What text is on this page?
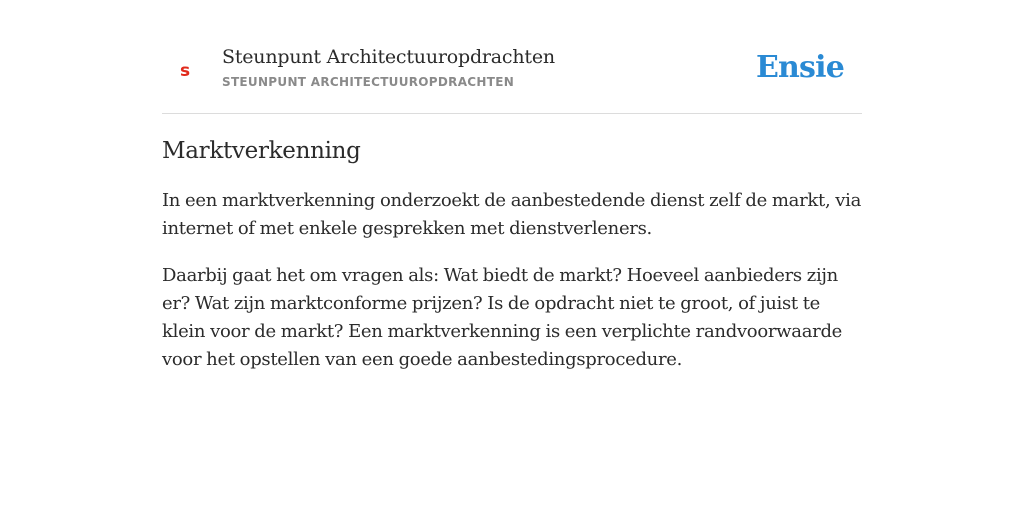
s
Steunpunt Architectuuropdrachten
STEUNPUNT ARCHITECTUUROPDRACHTEN	Ensie
Marktverkenning

In een marktverkenning onderzoekt de aanbestedende dienst zelf de markt, via internet of met enkele gesprekken met dienstverleners.

Daarbij gaat het om vragen als: Wat biedt de markt? Hoeveel aanbieders zijn er? Wat zijn marktconforme prijzen? Is de opdracht niet te groot, of juist te klein voor de markt? Een marktverkenning is een verplichte randvoorwaarde voor het opstellen van een goede aanbestedingsprocedure.
